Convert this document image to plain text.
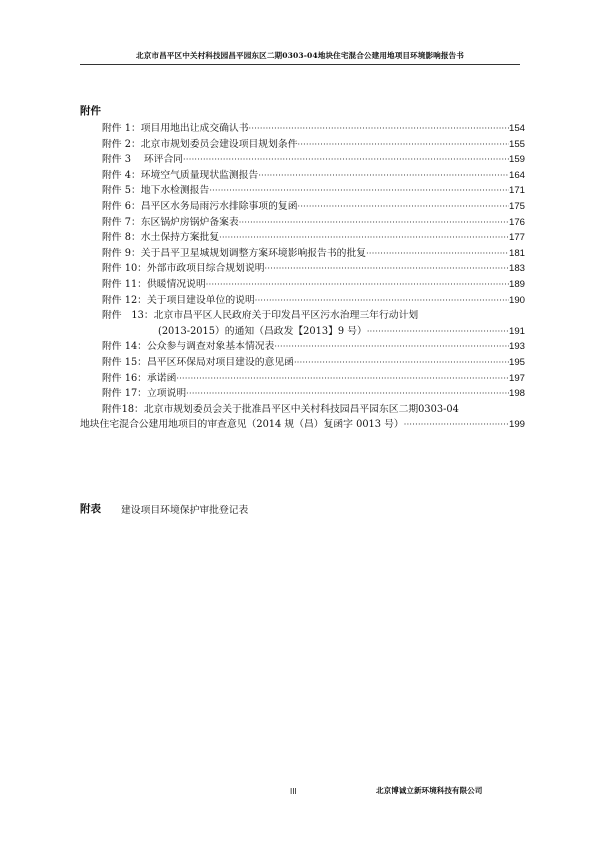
北京市昌平区中关村科技园昌平园东区二期0303-04地块住宅混合公建用地项目环境影响报告书
附件
附件 1：项目用地出让成交确认书 ·····	154
附件 2：北京市规划委员会建设项目规划条件 ·····	155
附件 3　 环评合同 ·····	159
附件 4：环境空气质量现状监测报告 ·····	164
附件 5：地下水检测报告 ·····	171
附件 6：昌平区水务局雨污水排除事项的复函 ·····	175
附件 7：东区锅炉房锅炉备案表 ·····	176
附件 8：水土保持方案批复 ·····	177
附件 9：关于昌平卫星城规划调整方案环境影响报告书的批复 ·····	181
附件 10：外部市政项目综合规划说明 ·····	183
附件 11：供暖情况说明 ·····	189
附件 12：关于项目建设单位的说明 ·····	190
附件　13：北京市昌平区人民政府关于印发昌平区污水治理三年行动计划
(2013-2015）的通知（昌政发【2013】9 号） ·····	191
附件 14：公众参与调查对象基本情况表 ·····	193
附件 15：昌平区环保局对项目建设的意见函 ·····	195
附件 16：承诺函 ·····	197
附件 17：立项说明 ·····	198
附件18：北京市规划委员会关于批准昌平区中关村科技园昌平园东区二期0303-04
地块住宅混合公建用地项目的审查意见（2014 规（昌）复函字 0013 号） ·····	199
附表 建设项目环境保护审批登记表
III	北京博诚立新环境科技有限公司
